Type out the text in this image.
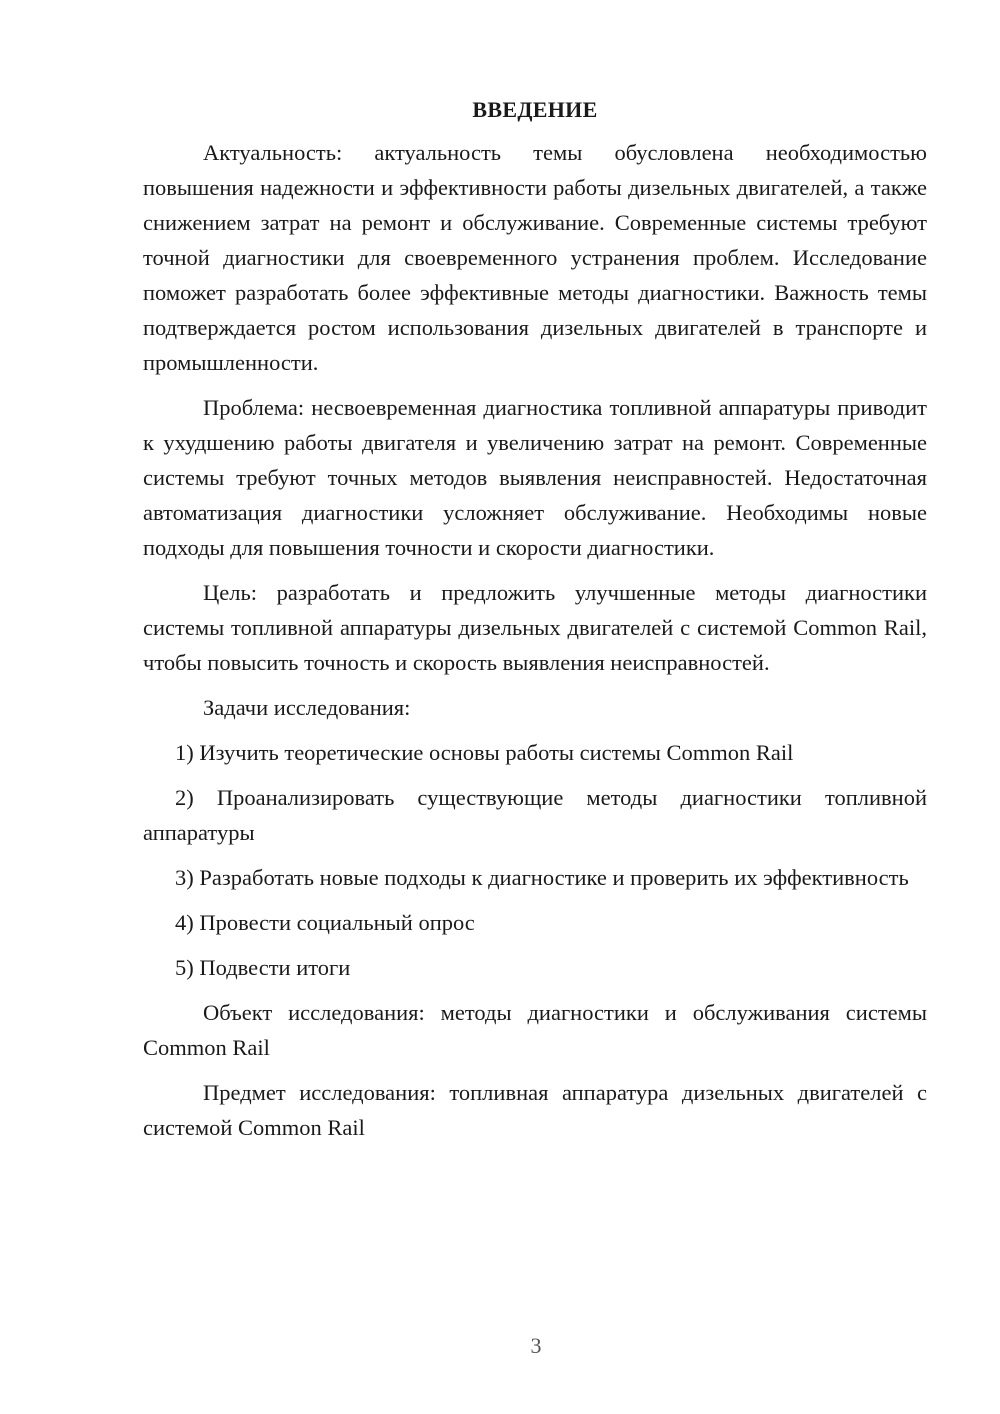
ВВЕДЕНИЕ

Актуальность: актуальность темы обусловлена необходимостью повышения надежности и эффективности работы дизельных двигателей, а также снижением затрат на ремонт и обслуживание. Современные системы требуют точной диагностики для своевременного устранения проблем. Исследование поможет разработать более эффективные методы диагностики. Важность темы подтверждается ростом использования дизельных двигателей в транспорте и промышленности.

Проблема: несвоевременная диагностика топливной аппаратуры приводит к ухудшению работы двигателя и увеличению затрат на ремонт. Современные системы требуют точных методов выявления неисправностей. Недостаточная автоматизация диагностики усложняет обслуживание. Необходимы новые подходы для повышения точности и скорости диагностики.

Цель: разработать и предложить улучшенные методы диагностики системы топливной аппаратуры дизельных двигателей с системой Common Rail, чтобы повысить точность и скорость выявления неисправностей.

Задачи исследования:

1) Изучить теоретические основы работы системы Common Rail

2) Проанализировать существующие методы диагностики топливной аппаратуры

3) Разработать новые подходы к диагностике и проверить их эффективность

4) Провести социальный опрос

5) Подвести итоги

Объект исследования: методы диагностики и обслуживания системы Common Rail

Предмет исследования: топливная аппаратура дизельных двигателей с системой Common Rail

3
